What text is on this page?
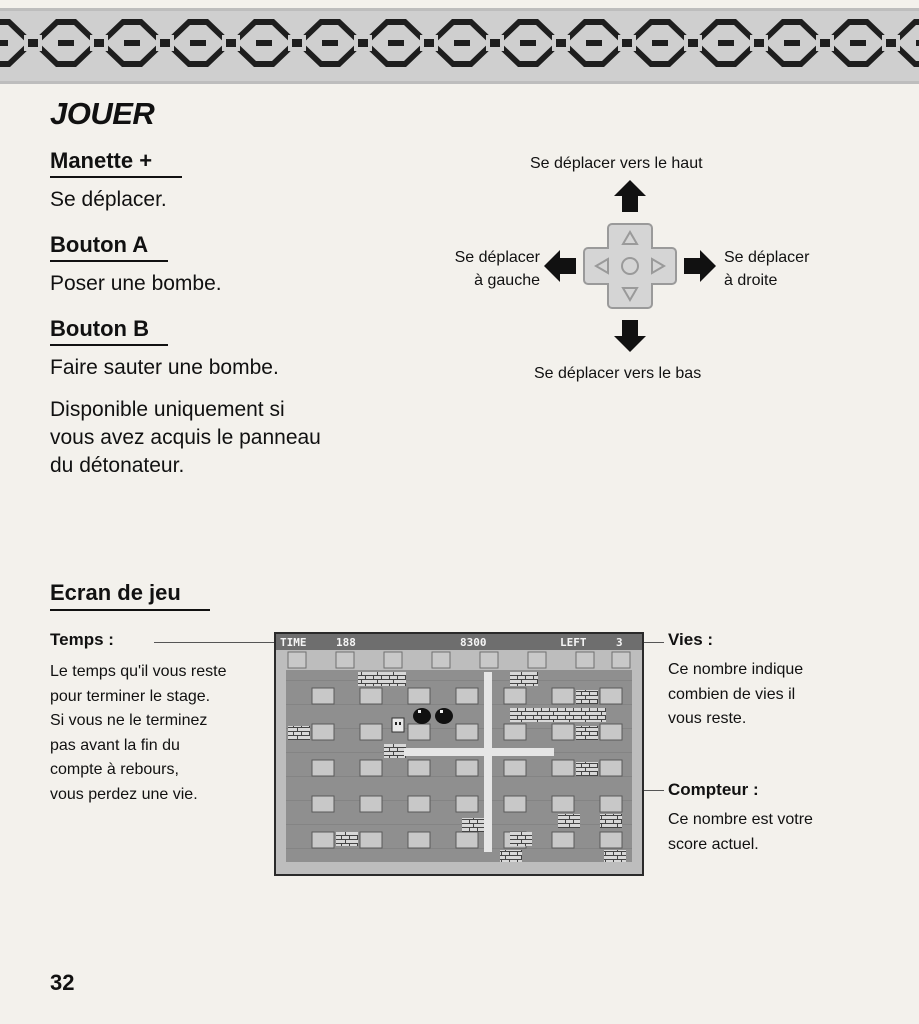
JOUER
Manette +

Se déplacer.

Bouton A

Poser une bombe.

Bouton B

Faire sauter une bombe.

Disponible uniquement si
vous avez acquis le panneau
du détonateur.

Se déplacer vers le haut

Se déplacer
à gauche
Se déplacer
à droite

Se déplacer vers le bas

Ecran de jeu

Temps :

Le temps qu'il vous reste
pour terminer le stage.
Si vous ne le terminez
pas avant la fin du
compte à rebours,
vous perdez une vie.

Vies :

Ce nombre indique
combien de vies il
vous reste.

Compteur :

Ce nombre est votre
score actuel.
TIME	188	8300	LEFT	3

32
